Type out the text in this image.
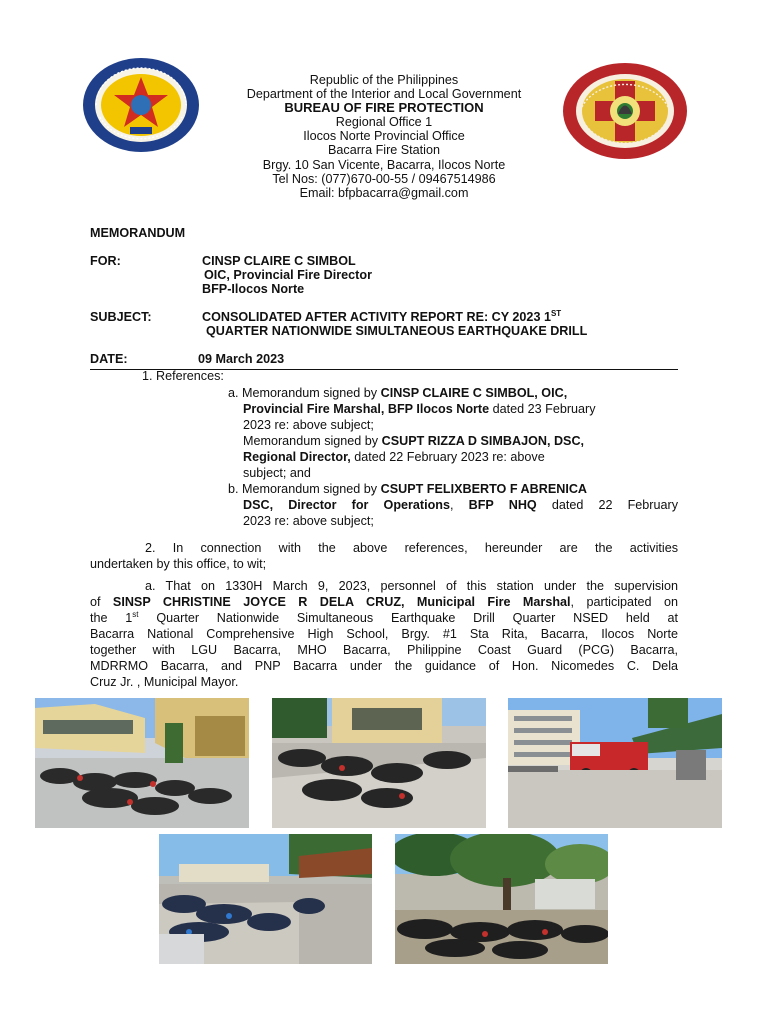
Republic of the Philippines
Department of the Interior and Local Government
BUREAU OF FIRE PROTECTION
Regional Office 1
Ilocos Norte Provincial Office
Bacarra Fire Station
Brgy. 10 San Vicente, Bacarra, Ilocos Norte
Tel Nos: (077)670-00-55 / 09467514986
Email: bfpbacarra@gmail.com
MEMORANDUM
FOR:	CINSP CLAIRE C SIMBOL
OIC, Provincial Fire Director
BFP-Ilocos Norte
SUBJECT:	CONSOLIDATED AFTER ACTIVITY REPORT RE: CY 2023 1ST
QUARTER NATIONWIDE SIMULTANEOUS EARTHQUAKE DRILL
DATE:	09 March 2023
1. References:
a. Memorandum signed by CINSP CLAIRE C SIMBOL, OIC,
Provincial Fire Marshal, BFP Ilocos Norte dated 23 February
2023 re: above subject;
Memorandum signed by CSUPT RIZZA D SIMBAJON, DSC,
Regional Director, dated 22 February 2023 re: above
subject; and
b. Memorandum signed by CSUPT FELIXBERTO F ABRENICA
DSC, Director for Operations, BFP NHQ dated 22 February
2023 re: above subject;
2. In connection with the above references, hereunder are the activities
undertaken by this office, to wit;
a. That on 1330H March 9, 2023, personnel of this station under the supervision
of SINSP CHRISTINE JOYCE R DELA CRUZ, Municipal Fire Marshal, participated on
the 1st Quarter Nationwide Simultaneous Earthquake Drill Quarter NSED held at
Bacarra National Comprehensive High School, Brgy. #1 Sta Rita, Bacarra, Ilocos Norte
together with LGU Bacarra, MHO Bacarra, Philippine Coast Guard (PCG) Bacarra,
MDRRMO Bacarra, and PNP Bacarra under the guidance of Hon. Nicomedes C. Dela
Cruz Jr. , Municipal Mayor.
